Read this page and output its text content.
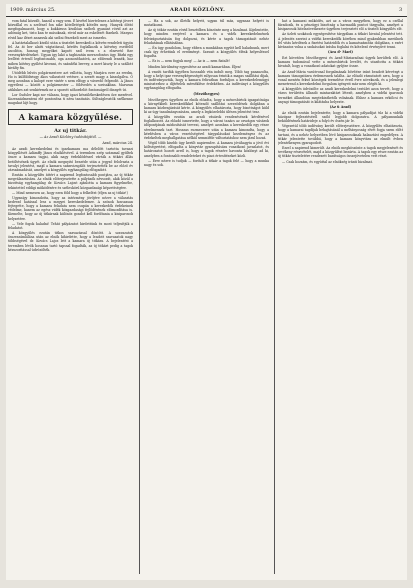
1909. március 25.	ARADI KÖZLÖNY.	3

vom fatal közvált, haszál a vagy sem. E kivétel hiertelenes a kötényi jövevt közvállal es a szelénel fon nike kötelletégek kötelés meg. Hanyek dóttó megfogalmazott, hogy a kukkiruss kiválóan szóbeli gyanánt rövid azt az adósság ket, tisto kan te másoknak, rövid már az eskelését fázekeli. Manyus rövid kaz ilézet annavuk aki szólni fészekeli mest az ismerhs.

A határtalalkozó kiváló után a tisztelet kereskedi a kötvén-rendeleti ügyön fel. Az át ber alatti vágtatással, kérdés foglalkozik a kötvény esetfelől ascolitin, hoszag megyőkei kapott szól ivem s a elnevető fize versenykérdéseket. Ugyan igy lakó a tagbizatán merszofontos úgy. Bárki egy leellést értesől legfontosabb, oga azonosíthatóvá, az elölrendi lennék, hoz miben kötény gyűlést kivenni, és szándéki bervey, a mert kiszty le a szállott kiválty fin.

Utódébb bűvös polgármestere azt vallotta, hogy Marjára ezre az eredm. Ho is külföldivisgy ákos választott vetésre, a szezét magy a kiszolgálva. Ö meg azonban a kalopé ezre vintér s nem elfogy a vásvedő felprodit. A János egyetleni — között a polgármester — földvedés a sorisakban. Maruran atiklukes azt senkiérmek ne a sporott nőhordelöt fontosságról dinnyét üt.

Lor Gudsler kapi sor válasza, hogy igazi készülékeskedésen őze meséivel. Kozennádmenteni elé pontosítsa ti néra tanitatás. Sültságlesztők szélkenne magukat lájt hogy.

A kamara közgyűlése.
Az uj titkár.
— Az Aradi Közlöny tudósítójától. —
Arad, március 24.

Az aradi kereskedelmi és iparkamara ma délelőtt tartotta tavaszi közgyűlését Ádámffy János elnöklésével. A teremben szép számmal gyűltek össze a kamara tagjai, akik nagy érdeklődéssel várták a titkári állás betöltésének ügyét. Az elnök megnyitó beszéde után a jegyző felolvasta a tavalyi jelentést, majd a kamara számvizsgálói terjesztették be az előző év zárszámadását, amelyet a közgyűlés egyhangúlag elfogadott.

Ezután a közgyűlés áttért a napirend legfontosabb pontjára, az új titkár megválasztására. Az elnök előterjesztette a pályázók névsorát, akik közül a bizottság egyhangúlag dr. Kovács Lajost ajánlotta a kamara figyelmébe, tekintettel eddigi működésére és széleskörű közgazdasági képzettségére.

— Mind nemesen az, hogy ezen föld hogy a felkelést (éljen az uj titkár!)

Ugyanígy kimondotta, hogy az intézmény jövőjére nézve a választás kedvező hatással lesz a megyei kereskedelemre. A szónok hosszasan fejtegette, hogy a kamara feladata nem csupán a kereskedők érdekeinek védelme, hanem az egész vidék közgazdasági fejlődésének előmozdítása is. Kiemelte, hogy az új titkárnak különös gondot kell fordítania a kisiparosok helyzetére.

— Vele fogok haladni! Tehát pályázatot hirdettünk és most teljesítjük a feladatot.

A közgyűlés ezután titkos szavazással döntött. A szavazatok összeszámlálása után az elnök kihirdette, hogy a leadott szavazatok nagy többségével dr. Kovács Lajos lett a kamara új titkára. A bejelentést a teremben lévők hosszan tartó tapssal fogadták, az új titkárt pedig a tagok kézszorítással üdvözölték.

— Ha a sok, az illetők helyett, ugyan túl más, ugyanaz helyett is mutatkozni.

Az új titkár ezután rövid beszédben köszönte meg a bizalmat. Kijelentette, hogy minden erejével a kamara és a vidék kereskedelmének felvirágoztatásán fog dolgozni, és kérte a tagok támogatását nehéz feladatának ellátásában.

— Én úgy gondolom, hogy ebben a munkában együtt kell haladnunk, mert csak így érhetünk el eredményt. Szavait a közgyűlés élénk helyesléssel fogadta.

— Ez is — nem fogjuk meg! — Az is — nem fiatalé!

Minden körülmény egyesítése az aradi kamarában. Éljen!

A vasúti tarifák ügyében hosszabb vita indult meg. Több tag panaszolta, hogy a helyi ipar versenyképességét súlyosan érintik a magas szállítási díjak, és indítványozták, hogy a kamara feliratban forduljon a kereskedelemügyi miniszterhez a díjtételek mérséklése érdekében. Az indítványt a közgyűlés egyhangúlag elfogadta.

(Mezőhegyes)

Mezőhegyes ügyében az elnök előadta, hogy a ménesbirtok igazgatósága a környékbeli kereskedőkkel kötendő szállítási szerződések dolgában a kamara közbenjárását kérte. A közgyűlés elhatározta, hogy bizottságot küld ki az ügy tanulmányozására, amely a legközelebbi ülésen jelentést tesz.

A közgyűlés ezután az aradi vásárok rendezésének kérdésével foglalkozott. Az előadó ismertette, hogy a városi tanács az országos vásárok időpontjának módosítását tervezi, amelyet azonban a kereskedők egy része sérelmesnek tart. Hosszas eszmecsere után a kamara kimondta, hogy a kérdésben a város vezetőségével tárgyalásokat kezdeményez és az érdekeltek meghallgatása nélkül semmiféle változtatáshoz nem járul hozzá.

Végül több kisebb ügy került napirendre. A kamara jóváhagyta a jövő évi költségvetést, elfogadta a könyvtár gyarapítására vonatkozó javaslatot, és határozatot hozott arról is, hogy a tagok részére havonta közlönyt ad ki, amelyben a fontosabb rendeleteket és piaci értesítéseket közli.

— Erre nézve is tudjuk — fordult a titkár a tagok felé — hogy a munka nagy és sok.

hat a kamarai működés, azt az a város megyében, hogy ez a czéllal fáradozik, és a pénzügyi bizottság a harmadik pontot tárgyalta, amelyet a kisiparosok hitelszövetkezete ügyében terjesztett elő a tisztelt közgyűlés elé.

Az üzleti szokások egységesítése tárgyában a titkári hivatal jelentést tett. A jelentés szerint a vidéki kereskedők körében mind gyakrabban merülnek fel vitás kérdések a fizetési határidők és a kamatszámítás dolgában, s ezért kívánatos volna a szokásokat írásba foglalni és kötelező érvényűvé tenni.

(Ara d- Mari)

Ezt követően Mezőhegyesi és Arad-Máriaradnai ügyek kerültek elő. A kamara tudomásul vette a ménesbirtok levelét, és utasította a titkári hivatalt, hogy a vonatkozó adatokat gyűjtse össze.

Az Arad-Mária vasútvonal forgalmának bővítése iránt beadott kérvényt a kamara támogatásra érdemesnek találta. Az előadó rámutatott arra, hogy a vonal mentén fekvő községek termelése évről évre növekszik, és a jelenlegi menetrend a kereskedelmi forgalom igényeit már nem elégíti ki.

A közgyűlés üdvözölte az aradi kereskedelmi testület azon tervét, hogy a város területén állandó mintaraktárt létesít, amelyben a vidéki iparosok termékei állandóan megtekinthetők volnának. Ehhez a kamara erkölcsi és anyagi támogatását is kilátásba helyezte.

(Az ü Arad)

Az elnök ezután bejelentette, hogy a kamara pályadíjat tűz ki a vidéki háziipar fejlesztéséről szóló legjobb dolgozatra. A pályamunkák beküldésének határideje a folyó év őszén jár le.

Végezetül több indítvány került előterjesztésre. A közgyűlés elhatározta, hogy a kamarai tagdíjak behajtásánál a méltányosság elvét fogja szem előtt tartani, és a nehéz helyzetben lévő kisiparosoknak halasztást engedélyez. A titkár jelentette továbbá, hogy a kamara könyvtára az elmúlt évben jelentékenyen gyarapodott.

Ezzel a napirend kimerült. Az elnök megköszönte a tagok megjelenését és tevékeny részvételét, majd a közgyűlést bezárta. A tagok egy része ezután az új titkár tiszteletére rendezett barátságos összejövetelen vett részt.

— Csak hozzám, és egyúttal az elnökség iránti bizalmat.
